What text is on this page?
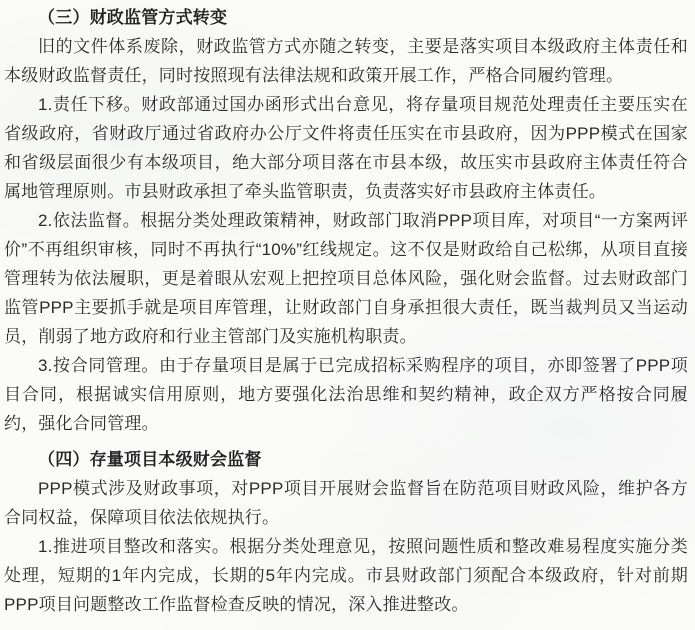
（三）财政监管方式转变

旧的文件体系废除，财政监管方式亦随之转变，主要是落实项目本级政府主体责任和本级财政监督责任，同时按照现有法律法规和政策开展工作，严格合同履约管理。

1.责任下移。财政部通过国办函形式出台意见，将存量项目规范处理责任主要压实在省级政府，省财政厅通过省政府办公厅文件将责任压实在市县政府，因为PPP模式在国家和省级层面很少有本级项目，绝大部分项目落在市县本级，故压实市县政府主体责任符合属地管理原则。市县财政承担了牵头监管职责，负责落实好市县政府主体责任。

2.依法监督。根据分类处理政策精神，财政部门取消PPP项目库，对项目“一方案两评价”不再组织审核，同时不再执行“10%”红线规定。这不仅是财政给自己松绑，从项目直接管理转为依法履职，更是着眼从宏观上把控项目总体风险，强化财会监督。过去财政部门监管PPP主要抓手就是项目库管理，让财政部门自身承担很大责任，既当裁判员又当运动员，削弱了地方政府和行业主管部门及实施机构职责。

3.按合同管理。由于存量项目是属于已完成招标采购程序的项目，亦即签署了PPP项目合同，根据诚实信用原则，地方要强化法治思维和契约精神，政企双方严格按合同履约，强化合同管理。

（四）存量项目本级财会监督

PPP模式涉及财政事项，对PPP项目开展财会监督旨在防范项目财政风险，维护各方合同权益，保障项目依法依规执行。

1.推进项目整改和落实。根据分类处理意见，按照问题性质和整改难易程度实施分类处理，短期的1年内完成，长期的5年内完成。市县财政部门须配合本级政府，针对前期PPP项目问题整改工作监督检查反映的情况，深入推进整改。
